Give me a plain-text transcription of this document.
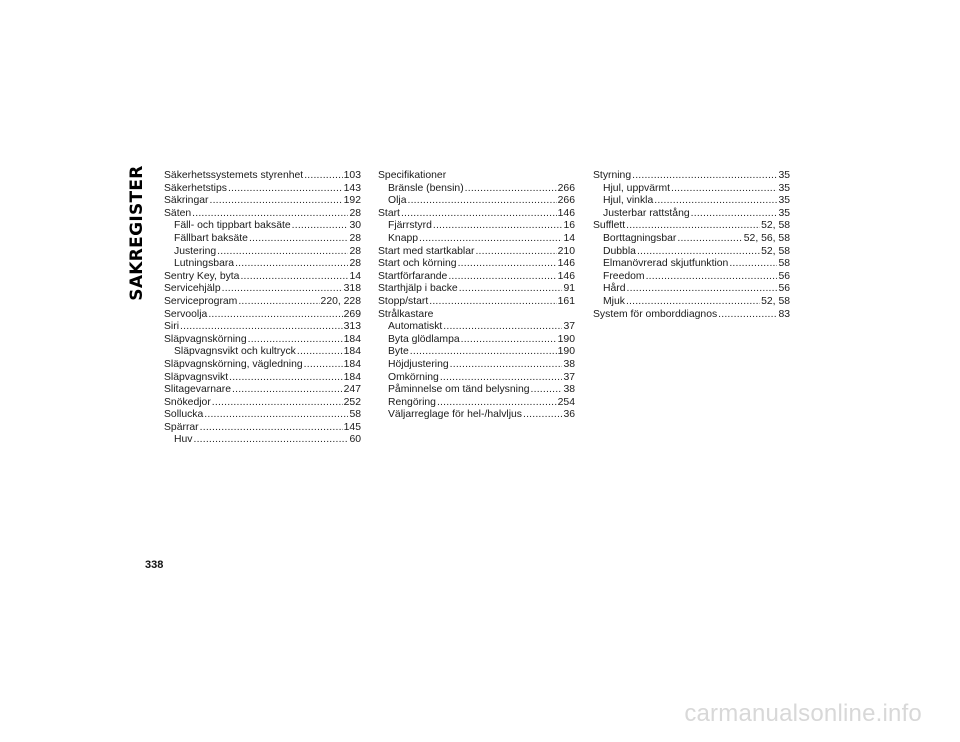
SAKREGISTER Säkerhetssystemets styrenhet .....	103
Säkerhetstips .....	143
Säkringar .....	192
Säten .....	28
Fäll- och tippbart baksäte .....	30
Fällbart baksäte .....	28
Justering .....	28
Lutningsbara .....	28
Sentry Key, byta .....	14
Servicehjälp .....	318
Serviceprogram .....	220, 228
Servoolja .....	269
Siri .....	313
Släpvagnskörning .....	184
Släpvagnsvikt och kultryck .....	184
Släpvagnskörning, vägledning .....	184
Släpvagnsvikt .....	184
Slitagevarnare .....	247
Snökedjor .....	252
Sollucka .....	58
Spärrar .....	145
Huv .....	60
Specifikationer
Bränsle (bensin) .....	266
Olja .....	266
Start .....	146
Fjärrstyrd .....	16
Knapp .....	14
Start med startkablar .....	210
Start och körning .....	146
Startförfarande .....	146
Starthjälp i backe .....	91
Stopp/start .....	161
Strålkastare
Automatiskt .....	37
Byta glödlampa .....	190
Byte .....	190
Höjdjustering .....	38
Omkörning .....	37
Påminnelse om tänd belysning .....	38
Rengöring .....	254
Väljarreglage för hel-/halvljus .....	36
Styrning .....	35
Hjul, uppvärmt .....	35
Hjul, vinkla .....	35
Justerbar rattstång .....	35
Sufflett .....	52, 58
Borttagningsbar .....	52, 56, 58
Dubbla .....	52, 58
Elmanövrerad skjutfunktion .....	58
Freedom .....	56
Hård .....	56
Mjuk .....	52, 58
System för omborddiagnos .....	83
338
carmanualsonline.info
